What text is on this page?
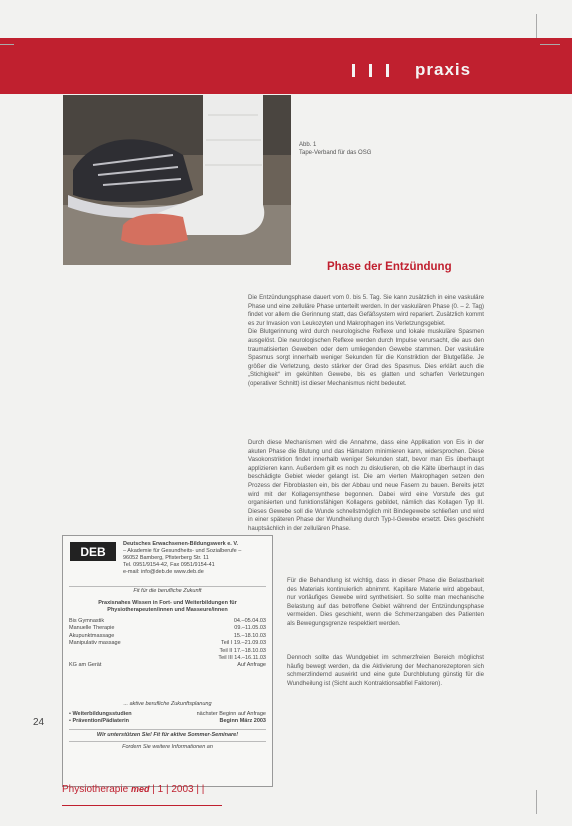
praxis
Abb. 1
Tape-Verband für das OSG
Phase der Entzündung

Die Entzündungsphase dauert vom 0. bis 5. Tag. Sie kann zusätzlich in eine vaskuläre Phase und eine zelluläre Phase unterteilt werden. In der vaskulären Phase (0. – 2. Tag) findet vor allem die Gerinnung statt, das Gefäßsystem wird repariert. Zusätzlich kommt es zur Invasion von Leukozyten und Makrophagen ins Verletzungsgebiet.
Die Blutgerinnung wird durch neurologische Reflexe und lokale muskuläre Spasmen ausgelöst. Die neurologischen Reflexe werden durch Impulse verursacht, die aus den traumatisierten Geweben oder dem umliegenden Gewebe stammen. Der vaskuläre Spasmus sorgt innerhalb weniger Sekunden für die Konstriktion der Blutgefäße. Je größer die Verletzung, desto stärker der Grad des Spasmus. Dies erklärt auch die „Stichigkeit“ im gekühlten Gewebe, bis es glatten und scharfen Verletzungen (operativer Schnitt) ist dieser Mechanismus nicht bedeutet.

Durch diese Mechanismen wird die Annahme, dass eine Applikation von Eis in der akuten Phase die Blutung und das Hämatom minimieren kann, widersprochen. Diese Vasokonstriktion findet innerhalb weniger Sekunden statt, bevor man Eis überhaupt applizieren kann. Außerdem gilt es noch zu diskutieren, ob die Kälte überhaupt in das beschädigte Gebiet wieder gelangt ist. Die am vierten Makrophagen setzen den Prozess der Fibroblasten ein, bis der Abbau und neue Fasern zu bauen. Bereits jetzt wird mit der Kollagensynthese begonnen. Dabei wird eine Vorstufe des gut organisierten und funktionsfähigen Kollagens gebildet, nämlich das Kollagen Typ III. Dieses Gewebe soll die Wunde schnellstmöglich mit Bindegewebe schließen und wird in einer späteren Phase der Wundheilung durch Typ-I-Gewebe ersetzt. Dies geschieht hauptsächlich in der zellulären Phase.

Für die Behandlung ist wichtig, dass in dieser Phase die Belastbarkeit des Materials kontinuierlich abnimmt. Kapillare Materie wird abgebaut, nur vorläufiges Gewebe wird synthetisiert. So sollte man mechanische Belastung auf das betroffene Gebiet während der Entzündungsphase vermeiden. Dies geschieht, wenn die Schmerzangaben des Patienten als Bewegungsgrenze respektiert werden.

Dennoch sollte das Wundgebiet im schmerzfreien Bereich möglichst häufig bewegt werden, da die Aktivierung der Mechanorezeptoren sich schmerzlindernd auswirkt und eine gute Durchblutung günstig für die Wundheilung ist (Sicht auch Kontraktionsabfiel Faktoren).

DEB
Deutsches Erwachsenen-Bildungswerk e. V.
– Akademie für Gesundheits- und Sozialberufe –
96052 Bamberg, Pfisterberg Str. 11
Tel. 0951/9154-42, Fax 0951/9154-41
e-mail: info@deb.de www.deb.de
Fit für die berufliche Zukunft
Praxisnahes Wissen in Fort- und Weiterbildungen für
Physiotherapeuten/innen und Masseure/innen
Bis Gymnastik	04.–05.04.03
Manuelle Therapie	09.–11.05.03
Akupunktmassage	15.–18.10.03
Manipulativ massage	Teil I 19.–21.09.03
Teil II 17.–18.10.03
Teil III 14.–16.11.03
KG am Gerät	Auf Anfrage
... aktive berufliche Zukunftsplanung
• Weiterbildungsstudien	nächster Beginn auf Anfrage
• Prävention/Pädiaterin	Beginn März 2003
Wir unterstützen Sie! Fit für aktive Sommer-Seminare!
Fordern Sie weitere Informationen an
24
Physiotherapie med | 1 | 2003 | |
